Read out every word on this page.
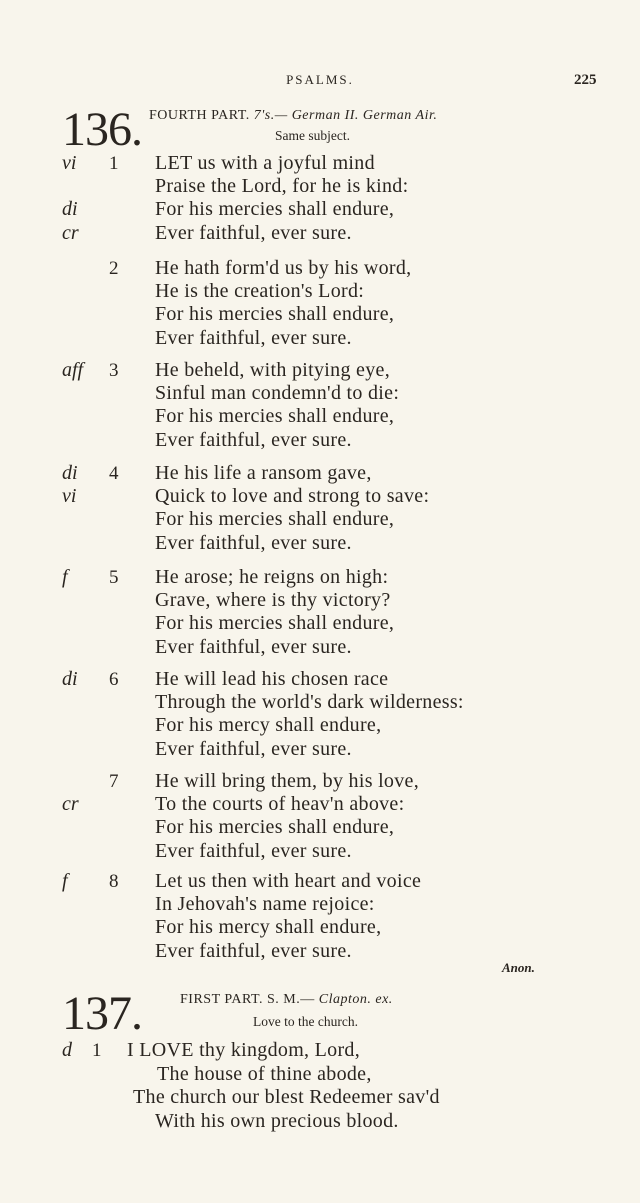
PSALMS.	225
136. FOURTH PART. 7's.— German II. German Air.
Same subject.
1 LET us with a joyful mind
vi
Praise the Lord, for he is kind:
For his mercies shall endure,
di
Ever faithful, ever sure.
cr
2 He hath form'd us by his word,
He is the creation's Lord:
For his mercies shall endure,
Ever faithful, ever sure.
3 He beheld, with pitying eye,
aff
Sinful man condemn'd to die:
For his mercies shall endure,
Ever faithful, ever sure.
4 He his life a ransom gave,
di
Quick to love and strong to save:
vi
For his mercies shall endure,
Ever faithful, ever sure.
5 He arose; he reigns on high:
f
Grave, where is thy victory?
For his mercies shall endure,
Ever faithful, ever sure.
6 He will lead his chosen race
di
Through the world's dark wilderness:
For his mercy shall endure,
Ever faithful, ever sure.
7 He will bring them, by his love,
To the courts of heav'n above:
cr
For his mercies shall endure,
Ever faithful, ever sure.
8 Let us then with heart and voice
f
In Jehovah's name rejoice:
For his mercy shall endure,
Ever faithful, ever sure.
Anon.
137.	FIRST PART. S. M.— Clapton. ex.
Love to the church.
1 I LOVE thy kingdom, Lord,
d
The house of thine abode,
The church our blest Redeemer sav'd
With his own precious blood.
